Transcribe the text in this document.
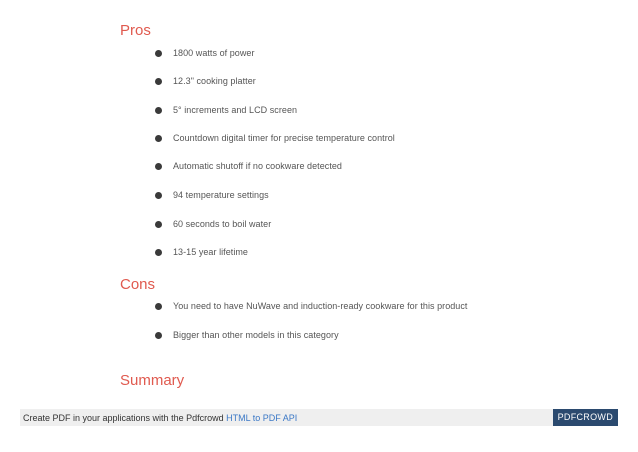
Pros
1800 watts of power
12.3" cooking platter
5° increments and LCD screen
Countdown digital timer for precise temperature control
Automatic shutoff if no cookware detected
94 temperature settings
60 seconds to boil water
13-15 year lifetime
Cons
You need to have NuWave and induction-ready cookware for this product
Bigger than other models in this category
Summary
Create PDF in your applications with the Pdfcrowd HTML to PDF API	PDFCROWD
